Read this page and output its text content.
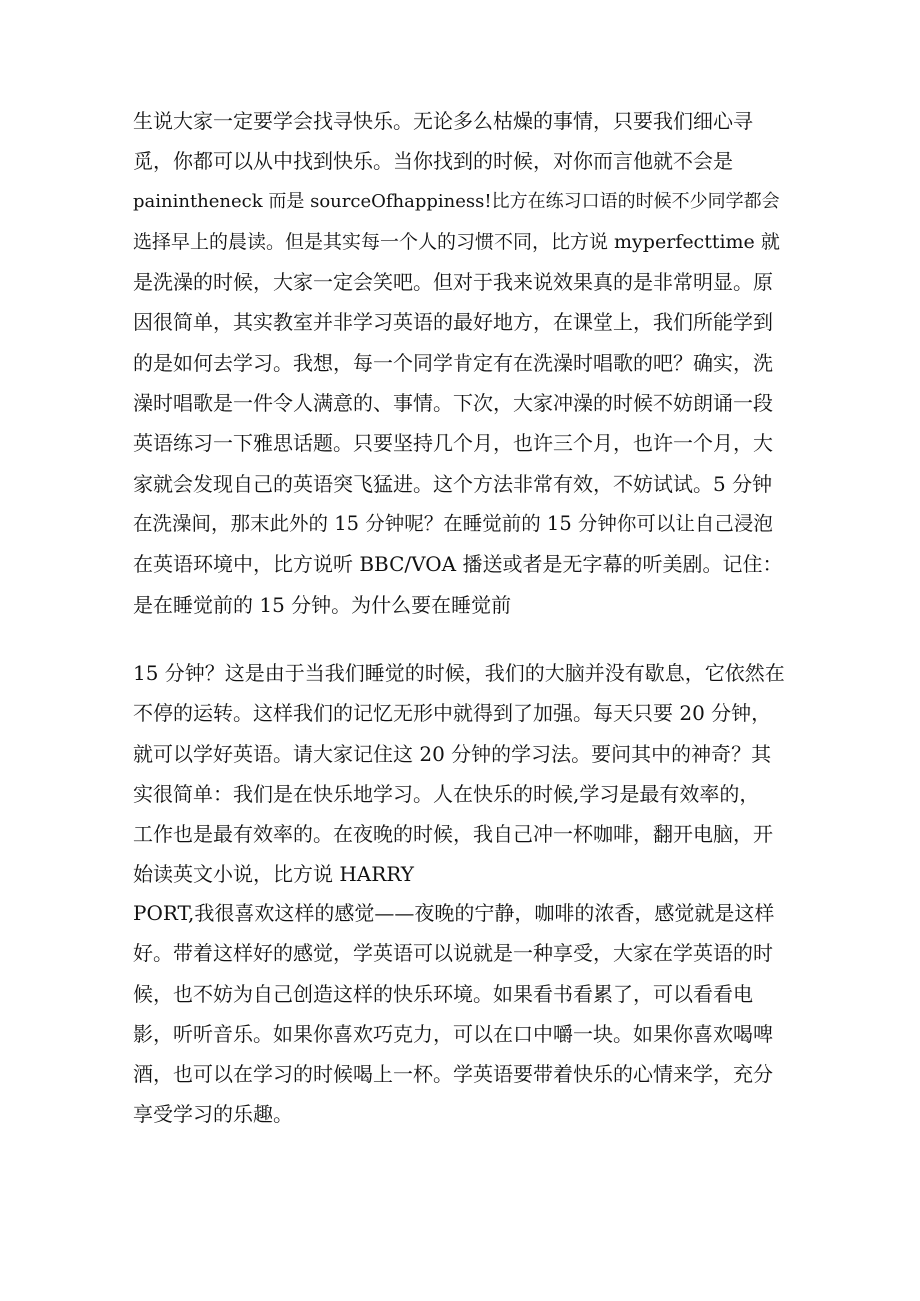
生说大家一定要学会找寻快乐。无论多么枯燥的事情，只要我们细心寻
觅，你都可以从中找到快乐。当你找到的时候，对你而言他就不会是
painintheneck 而是 sourceOfhappiness!比方在练习口语的时候不少同学都会
选择早上的晨读。但是其实每一个人的习惯不同，比方说 myperfecttime 就
是洗澡的时候，大家一定会笑吧。但对于我来说效果真的是非常明显。原
因很简单，其实教室并非学习英语的最好地方，在课堂上，我们所能学到
的是如何去学习。我想，每一个同学肯定有在洗澡时唱歌的吧？确实，洗
澡时唱歌是一件令人满意的、事情。下次，大家冲澡的时候不妨朗诵一段
英语练习一下雅思话题。只要坚持几个月，也许三个月，也许一个月，大
家就会发现自己的英语突飞猛进。这个方法非常有效，不妨试试。5 分钟
在洗澡间，那末此外的 15 分钟呢？在睡觉前的 15 分钟你可以让自己浸泡
在英语环境中，比方说听 BBC/VOA 播送或者是无字幕的听美剧。记住：
是在睡觉前的 15 分钟。为什么要在睡觉前
15 分钟？这是由于当我们睡觉的时候，我们的大脑并没有歇息，它依然在
不停的运转。这样我们的记忆无形中就得到了加强。每天只要 20 分钟，
就可以学好英语。请大家记住这 20 分钟的学习法。要问其中的神奇？其
实很简单：我们是在快乐地学习。人在快乐的时候,学习是最有效率的，
工作也是最有效率的。在夜晚的时候，我自己冲一杯咖啡，翻开电脑，开
始读英文小说，比方说 HARRY
PORT,我很喜欢这样的感觉——夜晚的宁静，咖啡的浓香，感觉就是这样
好。带着这样好的感觉，学英语可以说就是一种享受，大家在学英语的时
候，也不妨为自己创造这样的快乐环境。如果看书看累了，可以看看电
影，听听音乐。如果你喜欢巧克力，可以在口中嚼一块。如果你喜欢喝啤
酒，也可以在学习的时候喝上一杯。学英语要带着快乐的心情来学，充分
享受学习的乐趣。
